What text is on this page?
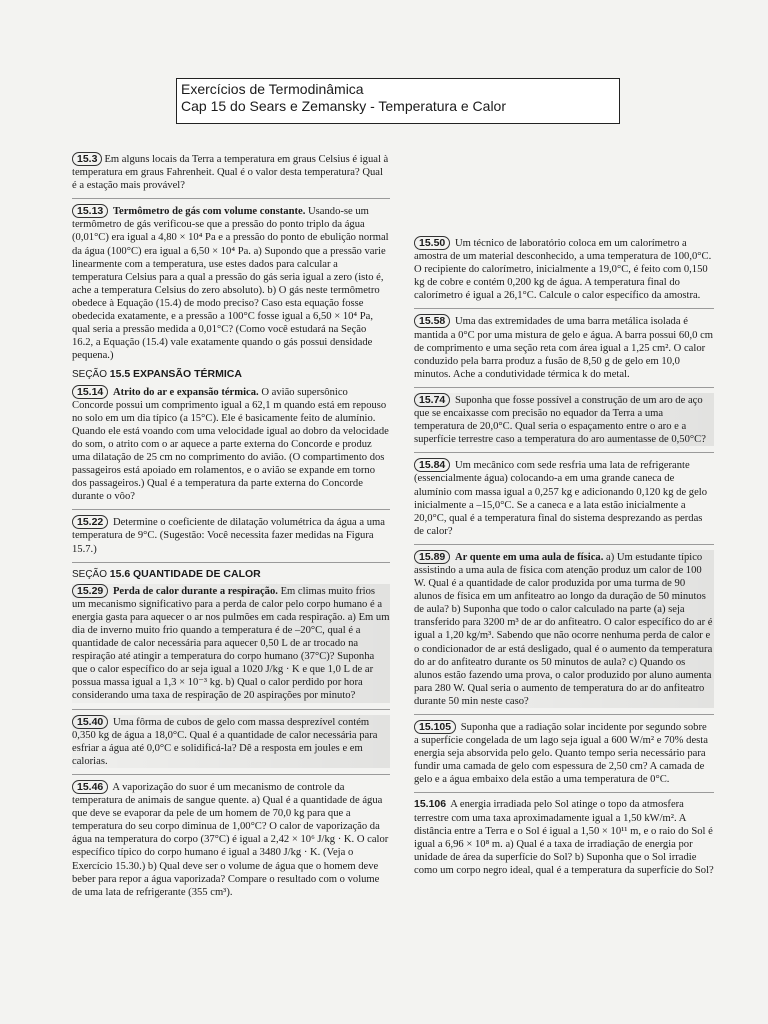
Exercícios de Termodinâmica
Cap 15 do Sears e Zemansky - Temperatura e Calor
15.3 Em alguns locais da Terra a temperatura em graus Celsius é igual à temperatura em graus Fahrenheit. Qual é o valor desta temperatura? Qual é a estação mais provável?
15.13 Termômetro de gás com volume constante. Usando-se um termômetro de gás verificou-se que a pressão do ponto triplo da água (0,01°C) era igual a 4,80 × 10⁴ Pa e a pressão do ponto de ebulição normal da água (100°C) era igual a 6,50 × 10⁴ Pa. a) Supondo que a pressão varie linearmente com a temperatura, use estes dados para calcular a temperatura Celsius para a qual a pressão do gás seria igual a zero (isto é, ache a temperatura Celsius do zero absoluto). b) O gás neste termômetro obedece à Equação (15.4) de modo preciso? Caso esta equação fosse obedecida exatamente, e a pressão a 100°C fosse igual a 6,50 × 10⁴ Pa, qual seria a pressão medida a 0,01°C? (Como você estudará na Seção 16.2, a Equação (15.4) vale exatamente quando o gás possui densidade pequena.)
SEÇÃO 15.5 EXPANSÃO TÉRMICA
15.14 Atrito do ar e expansão térmica. O avião supersônico Concorde possui um comprimento igual a 62,1 m quando está em repouso no solo em um dia típico (a 15°C). Ele é basicamente feito de alumínio. Quando ele está voando com uma velocidade igual ao dobro da velocidade do som, o atrito com o ar aquece a parte externa do Concorde e produz uma dilatação de 25 cm no comprimento do avião. (O compartimento dos passageiros está apoiado em rolamentos, e o avião se expande em torno dos passageiros.) Qual é a temperatura da parte externa do Concorde durante o vôo?
15.22 Determine o coeficiente de dilatação volumétrica da água a uma temperatura de 9°C. (Sugestão: Você necessita fazer medidas na Figura 15.7.)
SEÇÃO 15.6 QUANTIDADE DE CALOR
15.29 Perda de calor durante a respiração. Em climas muito frios um mecanismo significativo para a perda de calor pelo corpo humano é a energia gasta para aquecer o ar nos pulmões em cada respiração. a) Em um dia de inverno muito frio quando a temperatura é de –20°C, qual é a quantidade de calor necessária para aquecer 0,50 L de ar trocado na respiração até atingir a temperatura do corpo humano (37°C)? Suponha que o calor específico do ar seja igual a 1020 J/kg · K e que 1,0 L de ar possua massa igual a 1,3 × 10⁻³ kg. b) Qual o calor perdido por hora considerando uma taxa de respiração de 20 aspirações por minuto?
15.40 Uma fôrma de cubos de gelo com massa desprezível contém 0,350 kg de água a 18,0°C. Qual é a quantidade de calor necessária para esfriar a água até 0,0°C e solidificá-la? Dê a resposta em joules e em calorias.
15.46 A vaporização do suor é um mecanismo de controle da temperatura de animais de sangue quente. a) Qual é a quantidade de água que deve se evaporar da pele de um homem de 70,0 kg para que a temperatura do seu corpo diminua de 1,00°C? O calor de vaporização da água na temperatura do corpo (37°C) é igual a 2,42 × 10⁶ J/kg · K. O calor específico típico do corpo humano é igual a 3480 J/kg · K. (Veja o Exercício 15.30.) b) Qual deve ser o volume de água que o homem deve beber para repor a água vaporizada? Compare o resultado com o volume de uma lata de refrigerante (355 cm³).
15.50 Um técnico de laboratório coloca em um calorímetro a amostra de um material desconhecido, a uma temperatura de 100,0°C. O recipiente do calorímetro, inicialmente a 19,0°C, é feito com 0,150 kg de cobre e contém 0,200 kg de água. A temperatura final do calorímetro é igual a 26,1°C. Calcule o calor específico da amostra.
15.58 Uma das extremidades de uma barra metálica isolada é mantida a 0°C por uma mistura de gelo e água. A barra possui 60,0 cm de comprimento e uma seção reta com área igual a 1,25 cm². O calor conduzido pela barra produz a fusão de 8,50 g de gelo em 10,0 minutos. Ache a condutividade térmica k do metal.
15.74 Suponha que fosse possível a construção de um aro de aço que se encaixasse com precisão no equador da Terra a uma temperatura de 20,0°C. Qual seria o espaçamento entre o aro e a superfície terrestre caso a temperatura do aro aumentasse de 0,50°C?
15.84 Um mecânico com sede resfria uma lata de refrigerante (essencialmente água) colocando-a em uma grande caneca de alumínio com massa igual a 0,257 kg e adicionando 0,120 kg de gelo inicialmente a –15,0°C. Se a caneca e a lata estão inicialmente a 20,0°C, qual é a temperatura final do sistema desprezando as perdas de calor?
15.89 Ar quente em uma aula de física. a) Um estudante típico assistindo a uma aula de física com atenção produz um calor de 100 W. Qual é a quantidade de calor produzida por uma turma de 90 alunos de física em um anfiteatro ao longo da duração de 50 minutos de aula? b) Suponha que todo o calor calculado na parte (a) seja transferido para 3200 m³ de ar do anfiteatro. O calor específico do ar é igual a 1,20 kg/m³. Sabendo que não ocorre nenhuma perda de calor e o condicionador de ar está desligado, qual é o aumento da temperatura do ar do anfiteatro durante os 50 minutos de aula? c) Quando os alunos estão fazendo uma prova, o calor produzido por aluno aumenta para 280 W. Qual seria o aumento de temperatura do ar do anfiteatro durante 50 min neste caso?
15.105 Suponha que a radiação solar incidente por segundo sobre a superfície congelada de um lago seja igual a 600 W/m² e 70% desta energia seja absorvida pelo gelo. Quanto tempo seria necessário para fundir uma camada de gelo com espessura de 2,50 cm? A camada de gelo e a água embaixo dela estão a uma temperatura de 0°C.
15.106 A energia irradiada pelo Sol atinge o topo da atmosfera terrestre com uma taxa aproximadamente igual a 1,50 kW/m². A distância entre a Terra e o Sol é igual a 1,50 × 10¹¹ m, e o raio do Sol é igual a 6,96 × 10⁸ m. a) Qual é a taxa de irradiação de energia por unidade de área da superfície do Sol? b) Suponha que o Sol irradie como um corpo negro ideal, qual é a temperatura da superfície do Sol?
